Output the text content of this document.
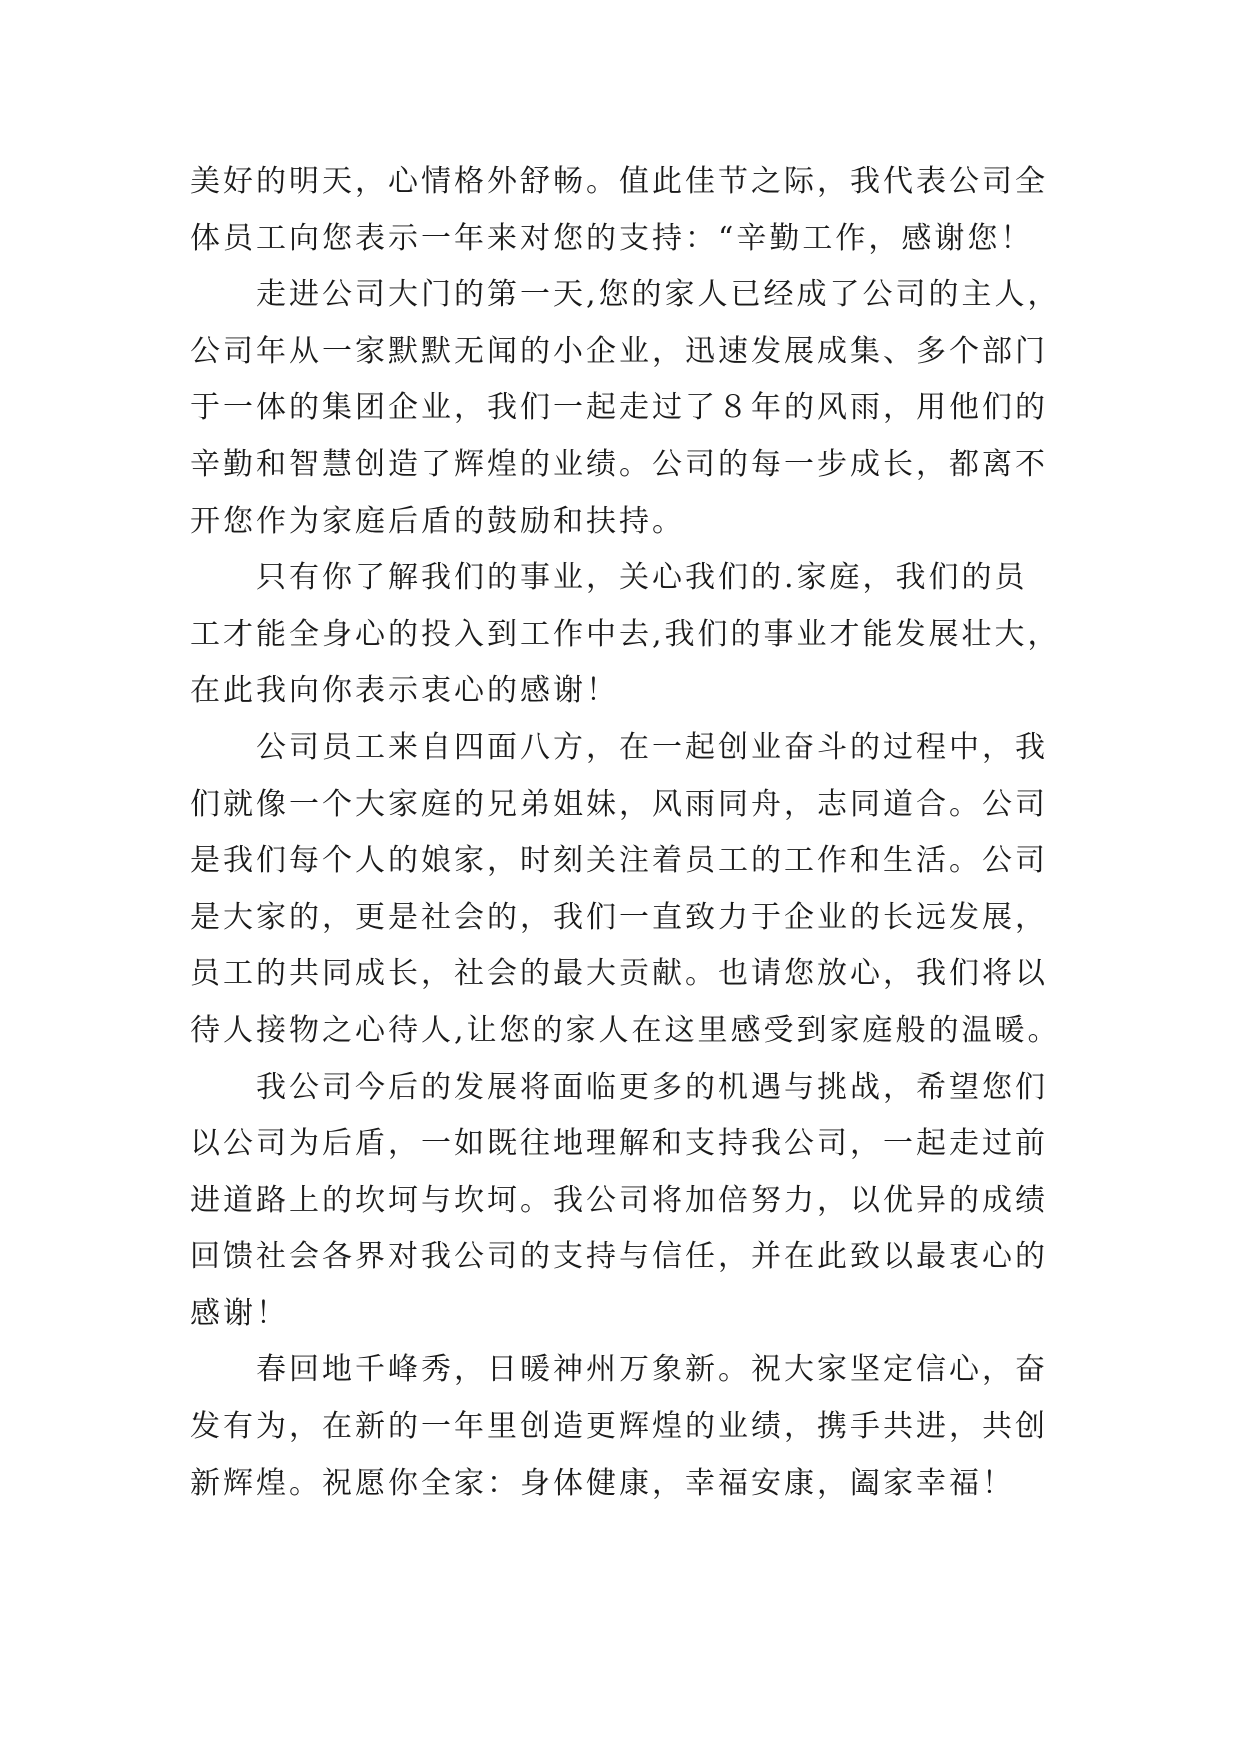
美好的明天，心情格外舒畅。值此佳节之际，我代表公司全
体员工向您表示一年来对您的支持：“辛勤工作，感谢您！
走进公司大门的第一天,您的家人已经成了公司的主人，
公司年从一家默默无闻的小企业，迅速发展成集、多个部门
于一体的集团企业，我们一起走过了８年的风雨，用他们的
辛勤和智慧创造了辉煌的业绩。公司的每一步成长，都离不
开您作为家庭后盾的鼓励和扶持。
只有你了解我们的事业，关心我们的.家庭，我们的员
工才能全身心的投入到工作中去,我们的事业才能发展壮大，
在此我向你表示衷心的感谢！
公司员工来自四面八方，在一起创业奋斗的过程中，我
们就像一个大家庭的兄弟姐妹，风雨同舟，志同道合。公司
是我们每个人的娘家，时刻关注着员工的工作和生活。公司
是大家的，更是社会的，我们一直致力于企业的长远发展，
员工的共同成长，社会的最大贡献。也请您放心，我们将以
待人接物之心待人,让您的家人在这里感受到家庭般的温暖。
我公司今后的发展将面临更多的机遇与挑战，希望您们
以公司为后盾，一如既往地理解和支持我公司，一起走过前
进道路上的坎坷与坎坷。我公司将加倍努力，以优异的成绩
回馈社会各界对我公司的支持与信任，并在此致以最衷心的
感谢！
春回地千峰秀，日暖神州万象新。祝大家坚定信心，奋
发有为，在新的一年里创造更辉煌的业绩，携手共进，共创
新辉煌。祝愿你全家：身体健康，幸福安康，阖家幸福！
